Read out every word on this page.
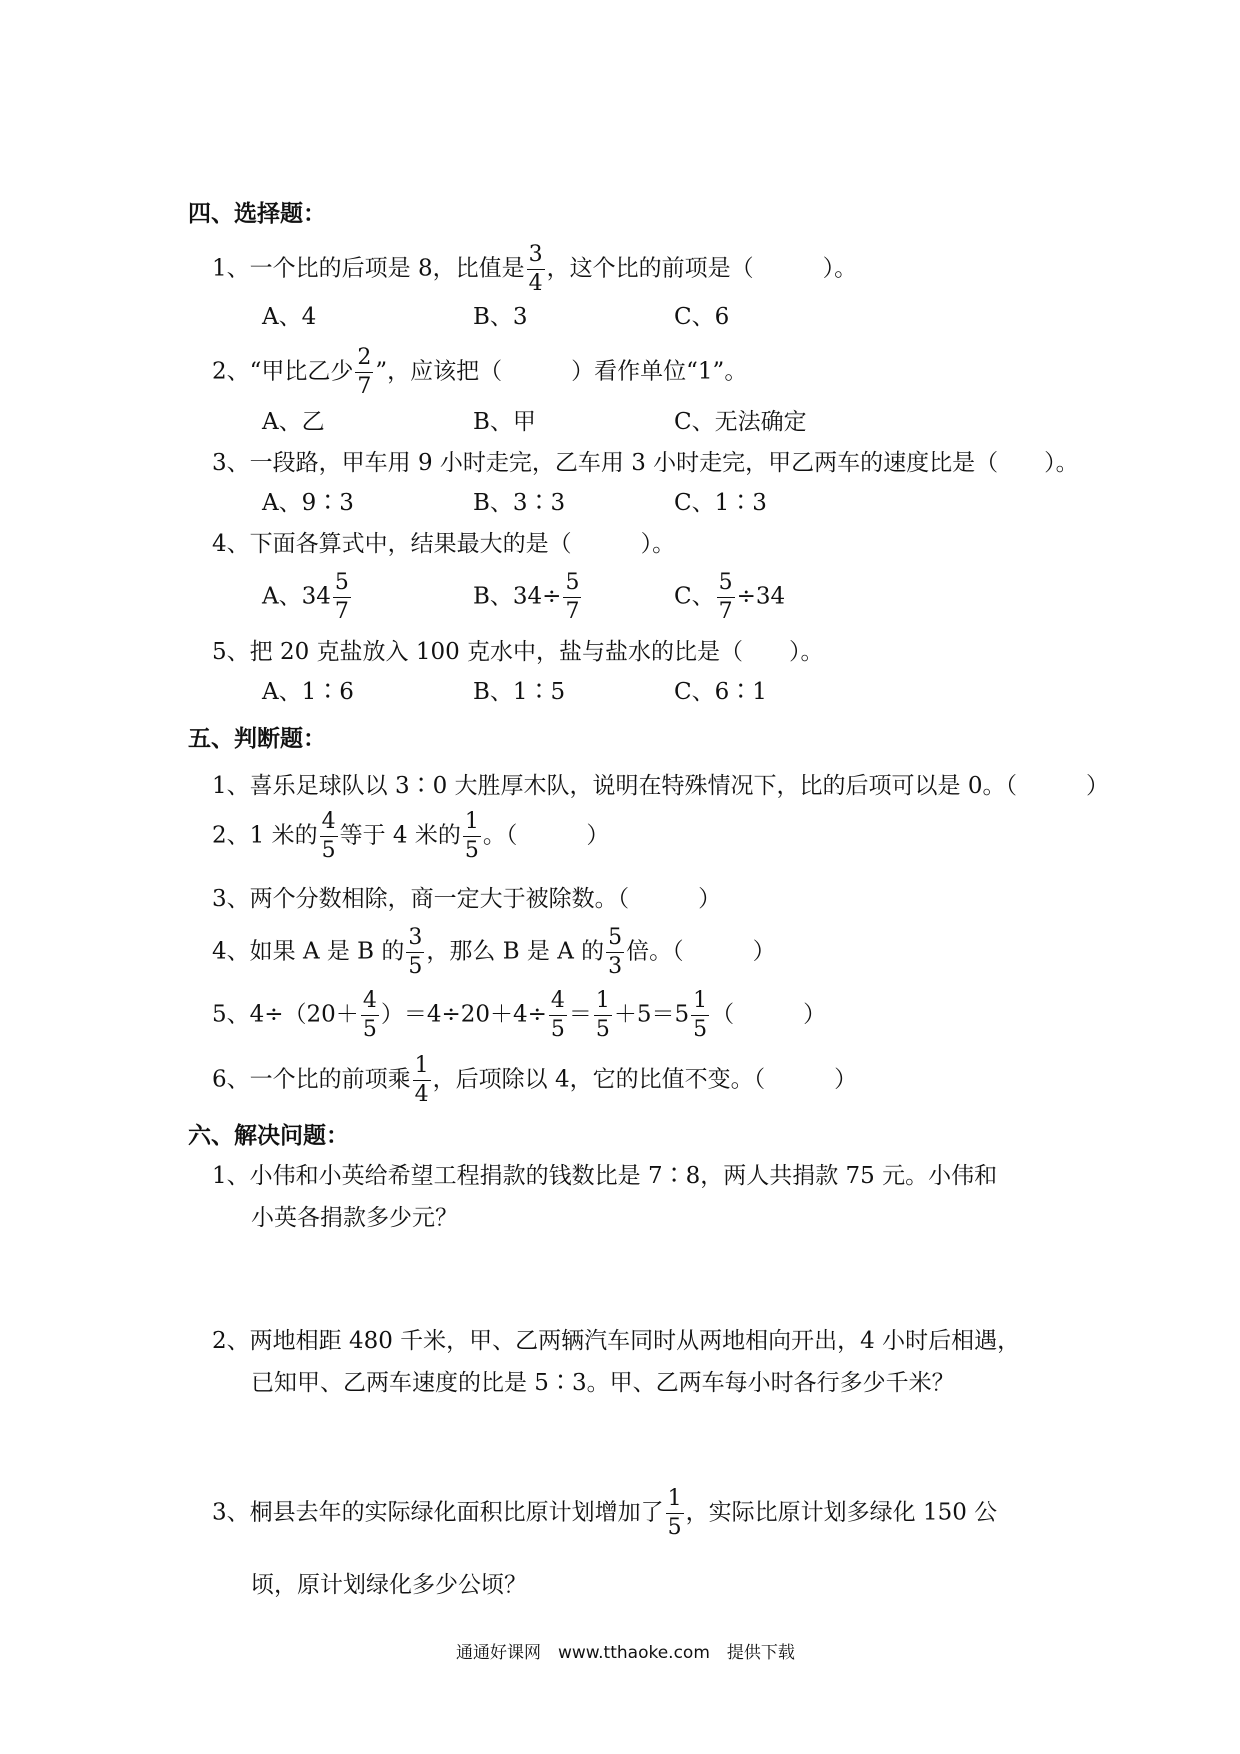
四、选择题：
1、一个比的后项是 8，比值是 $\frac{3}{4}$ ，这个比的前项是（　　　）。
A、4	B、3	C、6
2、“甲比乙少 $\frac{2}{7}$ ”，应该把（　　　）看作单位“1”。
A、乙	B、甲	C、无法确定
3、一段路，甲车用 9 小时走完，乙车用 3 小时走完，甲乙两车的速度比是（　　）。
A、9∶3	B、3∶3	C、1∶3
4、下面各算式中，结果最大的是（　　　）。
A、$34 \frac{5}{7}$	B、$34\div \frac{5}{7}$	C、 $\frac{5}{7} \div 34$
5、把 20 克盐放入 100 克水中，盐与盐水的比是（　　）。
A、1∶6	B、1∶5	C、6∶1
五、判断题：
1、喜乐足球队以 3∶0 大胜厚木队，说明在特殊情况下，比的后项可以是 0。（　　　）
2、1 米的 $\frac{4}{5}$ 等于 4 米的 $\frac{1}{5}$ 。（　　　）
3、两个分数相除，商一定大于被除数。（　　　）
4、如果 A 是 B 的 $\frac{3}{5}$ ，那么 B 是 A 的 $\frac{5}{3}$ 倍。（　　　）
5、$4\div(20+ \frac{4}{5} )=4\div 20+4\div \frac{4}{5} = \frac{1}{5} +5=5 \frac{1}{5}$ （　　　）
6、一个比的前项乘 $\frac{1}{4}$ ，后项除以 4，它的比值不变。（　　　）
六、解决问题：
1、小伟和小英给希望工程捐款的钱数比是 7∶8，两人共捐款 75 元。小伟和
小英各捐款多少元？
2、两地相距 480 千米，甲、乙两辆汽车同时从两地相向开出，4 小时后相遇，
已知甲、乙两车速度的比是 5∶3。甲、乙两车每小时各行多少千米？
3、桐县去年的实际绿化面积比原计划增加了 $\frac{1}{5}$ ，实际比原计划多绿化 150 公
顷，原计划绿化多少公顷？
通通好课网　www.tthaoke.com　提供下载
